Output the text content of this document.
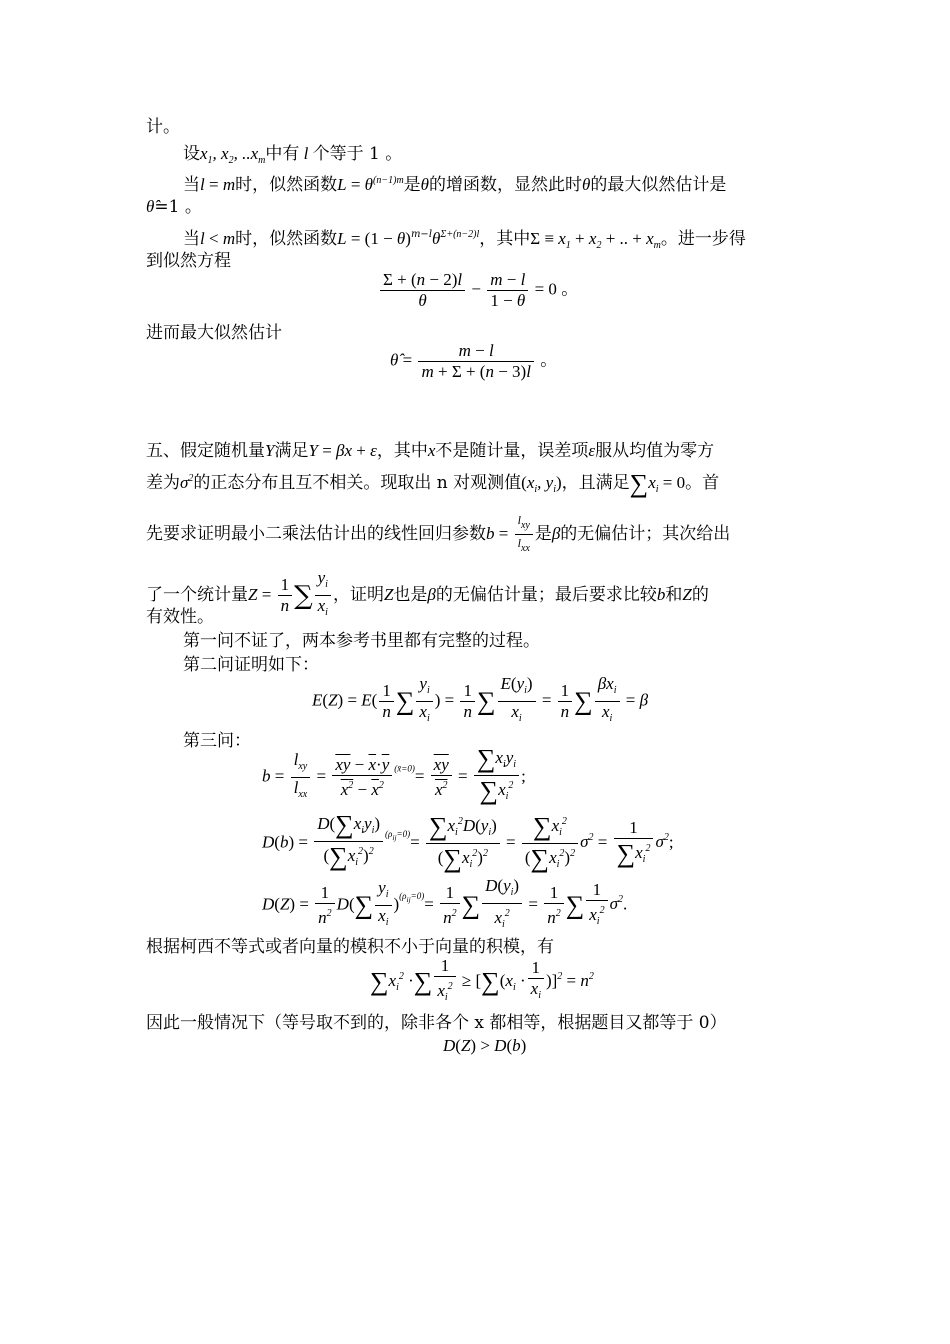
计。
设$x_1$, $x_2$, $..x_m$中有 l 个等于 1 。
当l = m时，似然函数$L = \theta^{(n-1)m}$是θ的增函数，显然此时θ的最大似然估计是
θ̂=1 。
当l < m时，似然函数$L = (1 - \theta)^{m-l}\theta^{\Sigma+(n-2)l}$，其中$\Sigma \equiv x_1 + x_2$ + .. + $x_m$。进一步得
到似然方程
$\frac{\Sigma + (n - 2)l}{\theta} - \frac{m - l}{1 - \theta} = 0$ 。
进而最大似然估计
θ̂ = $\frac{m - l}{m + \Sigma + (n - 3)l}$ 。
五、假定随机量Y满足Y = βx + ε，其中x不是随计量，误差项ε服从均值为零方
差为$\sigma^2$的正态分布且互不相关。现取出 n 对观测值($x_i$, $y_i$)，且满足$\sum x_i = 0$。首
先要求证明最小二乘法估计出的线性回归参数$b = \frac{l_{xy}}{l_{xx}}$ 是β的无偏估计；其次给出
了一个统计量$Z = \frac{1}{n}$ ∑ $\frac{y_i}{x_i}$ ，证明Z也是β的无偏估计量；最后要求比较b和Z的
有效性。
第一问不证了，两本参考书里都有完整的过程。
第二问证明如下：
$E(Z) = E( \frac{1}{n}$ ∑ $\frac{y_i}{x_i}$ ) = $\frac{1}{n}$ ∑ $\frac{E(y_i)}{x_i} = \frac{1}{n}$ ∑ $\frac{\beta x_i}{x_i} = \beta$
第三问：
$b = \frac{l_{xy}}{l_{xx}} = \frac{\overline{xy} - \overline{x}\cdot\overline{y}}{x^2 - \overline{x}^2} ^{(x̄=0)}= \frac{\overline{xy}}{x^2} = \frac{\sum x_iy_i}{\sum x_i^2}$ ;
$D(b) = \frac{D(\sum x_iy_i)}{(\sum x_i^2)^2} ^{(\rho_{ij}=0)}= \frac{\sum x_i^2D(y_i)}{(\sum x_i^2)^2} = \frac{\sum x_i^2}{(\sum x_i^2)^2} \sigma^2 = \frac{1}{\sum x_i^2} \sigma^2$;
$D(Z) = \frac{1}{n^2} D(\sum \frac{y_i}{x_i} )^{(\rho_{ij}=0)}= \frac{1}{n^2}$ ∑ $\frac{D(y_i)}{x_i^2} = \frac{1}{n^2}$ ∑ $\frac{1}{x_i^2} \sigma^2$.
根据柯西不等式或者向量的模积不小于向量的积模，有
$\sum x_i^2$ ·∑ $\frac{1}{x_i^2} \ge [\sum(x_i \cdot \frac{1}{x_i} )]^2 = n^2$
因此一般情况下（等号取不到的，除非各个 x 都相等，根据题目又都等于 0）
D(Z) > D(b)
